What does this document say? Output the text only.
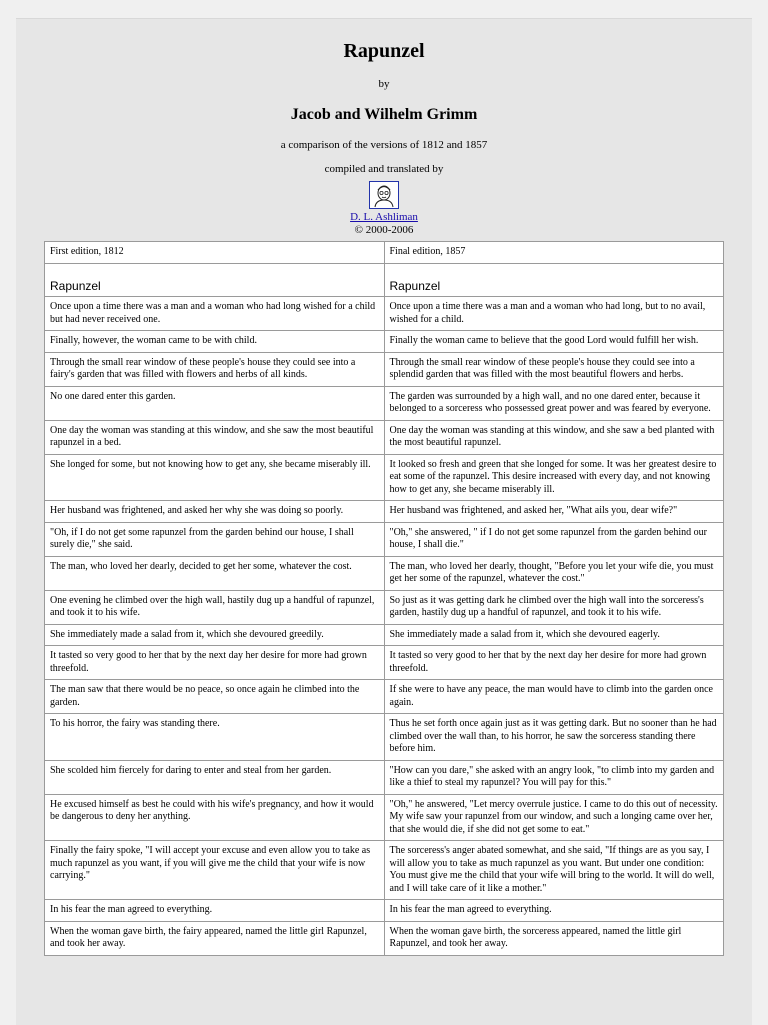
Rapunzel
by
Jacob and Wilhelm Grimm
a comparison of the versions of 1812 and 1857
compiled and translated by
D. L. Ashliman
© 2000-2006
First edition, 1812	Final edition, 1857
Rapunzel	Rapunzel
Once upon a time there was a man and a woman who had long wished for a child but had never received one.	Once upon a time there was a man and a woman who had long, but to no avail, wished for a child.
Finally, however, the woman came to be with child.	Finally the woman came to believe that the good Lord would fulfill her wish.
Through the small rear window of these people's house they could see into a fairy's garden that was filled with flowers and herbs of all kinds.	Through the small rear window of these people's house they could see into a splendid garden that was filled with the most beautiful flowers and herbs.
No one dared enter this garden.	The garden was surrounded by a high wall, and no one dared enter, because it belonged to a sorceress who possessed great power and was feared by everyone.
One day the woman was standing at this window, and she saw the most beautiful rapunzel in a bed.	One day the woman was standing at this window, and she saw a bed planted with the most beautiful rapunzel.
She longed for some, but not knowing how to get any, she became miserably ill.	It looked so fresh and green that she longed for some. It was her greatest desire to eat some of the rapunzel. This desire increased with every day, and not knowing how to get any, she became miserably ill.
Her husband was frightened, and asked her why she was doing so poorly.	Her husband was frightened, and asked her, "What ails you, dear wife?"
"Oh, if I do not get some rapunzel from the garden behind our house, I shall surely die," she said.	"Oh," she answered, " if I do not get some rapunzel from the garden behind our house, I shall die."
The man, who loved her dearly, decided to get her some, whatever the cost.	The man, who loved her dearly, thought, "Before you let your wife die, you must get her some of the rapunzel, whatever the cost."
One evening he climbed over the high wall, hastily dug up a handful of rapunzel, and took it to his wife.	So just as it was getting dark he climbed over the high wall into the sorceress's garden, hastily dug up a handful of rapunzel, and took it to his wife.
She immediately made a salad from it, which she devoured greedily.	She immediately made a salad from it, which she devoured eagerly.
It tasted so very good to her that by the next day her desire for more had grown threefold.	It tasted so very good to her that by the next day her desire for more had grown threefold.
The man saw that there would be no peace, so once again he climbed into the garden.	If she were to have any peace, the man would have to climb into the garden once again.
To his horror, the fairy was standing there.	Thus he set forth once again just as it was getting dark. But no sooner than he had climbed over the wall than, to his horror, he saw the sorceress standing there before him.
She scolded him fiercely for daring to enter and steal from her garden.	"How can you dare," she asked with an angry look, "to climb into my garden and like a thief to steal my rapunzel? You will pay for this."
He excused himself as best he could with his wife's pregnancy, and how it would be dangerous to deny her anything.	"Oh," he answered, "Let mercy overrule justice. I came to do this out of necessity. My wife saw your rapunzel from our window, and such a longing came over her, that she would die, if she did not get some to eat."
Finally the fairy spoke, "I will accept your excuse and even allow you to take as much rapunzel as you want, if you will give me the child that your wife is now carrying."	The sorceress's anger abated somewhat, and she said, "If things are as you say, I will allow you to take as much rapunzel as you want. But under one condition: You must give me the child that your wife will bring to the world. It will do well, and I will take care of it like a mother."
In his fear the man agreed to everything.	In his fear the man agreed to everything.
When the woman gave birth, the fairy appeared, named the little girl Rapunzel, and took her away.	When the woman gave birth, the sorceress appeared, named the little girl Rapunzel, and took her away.
